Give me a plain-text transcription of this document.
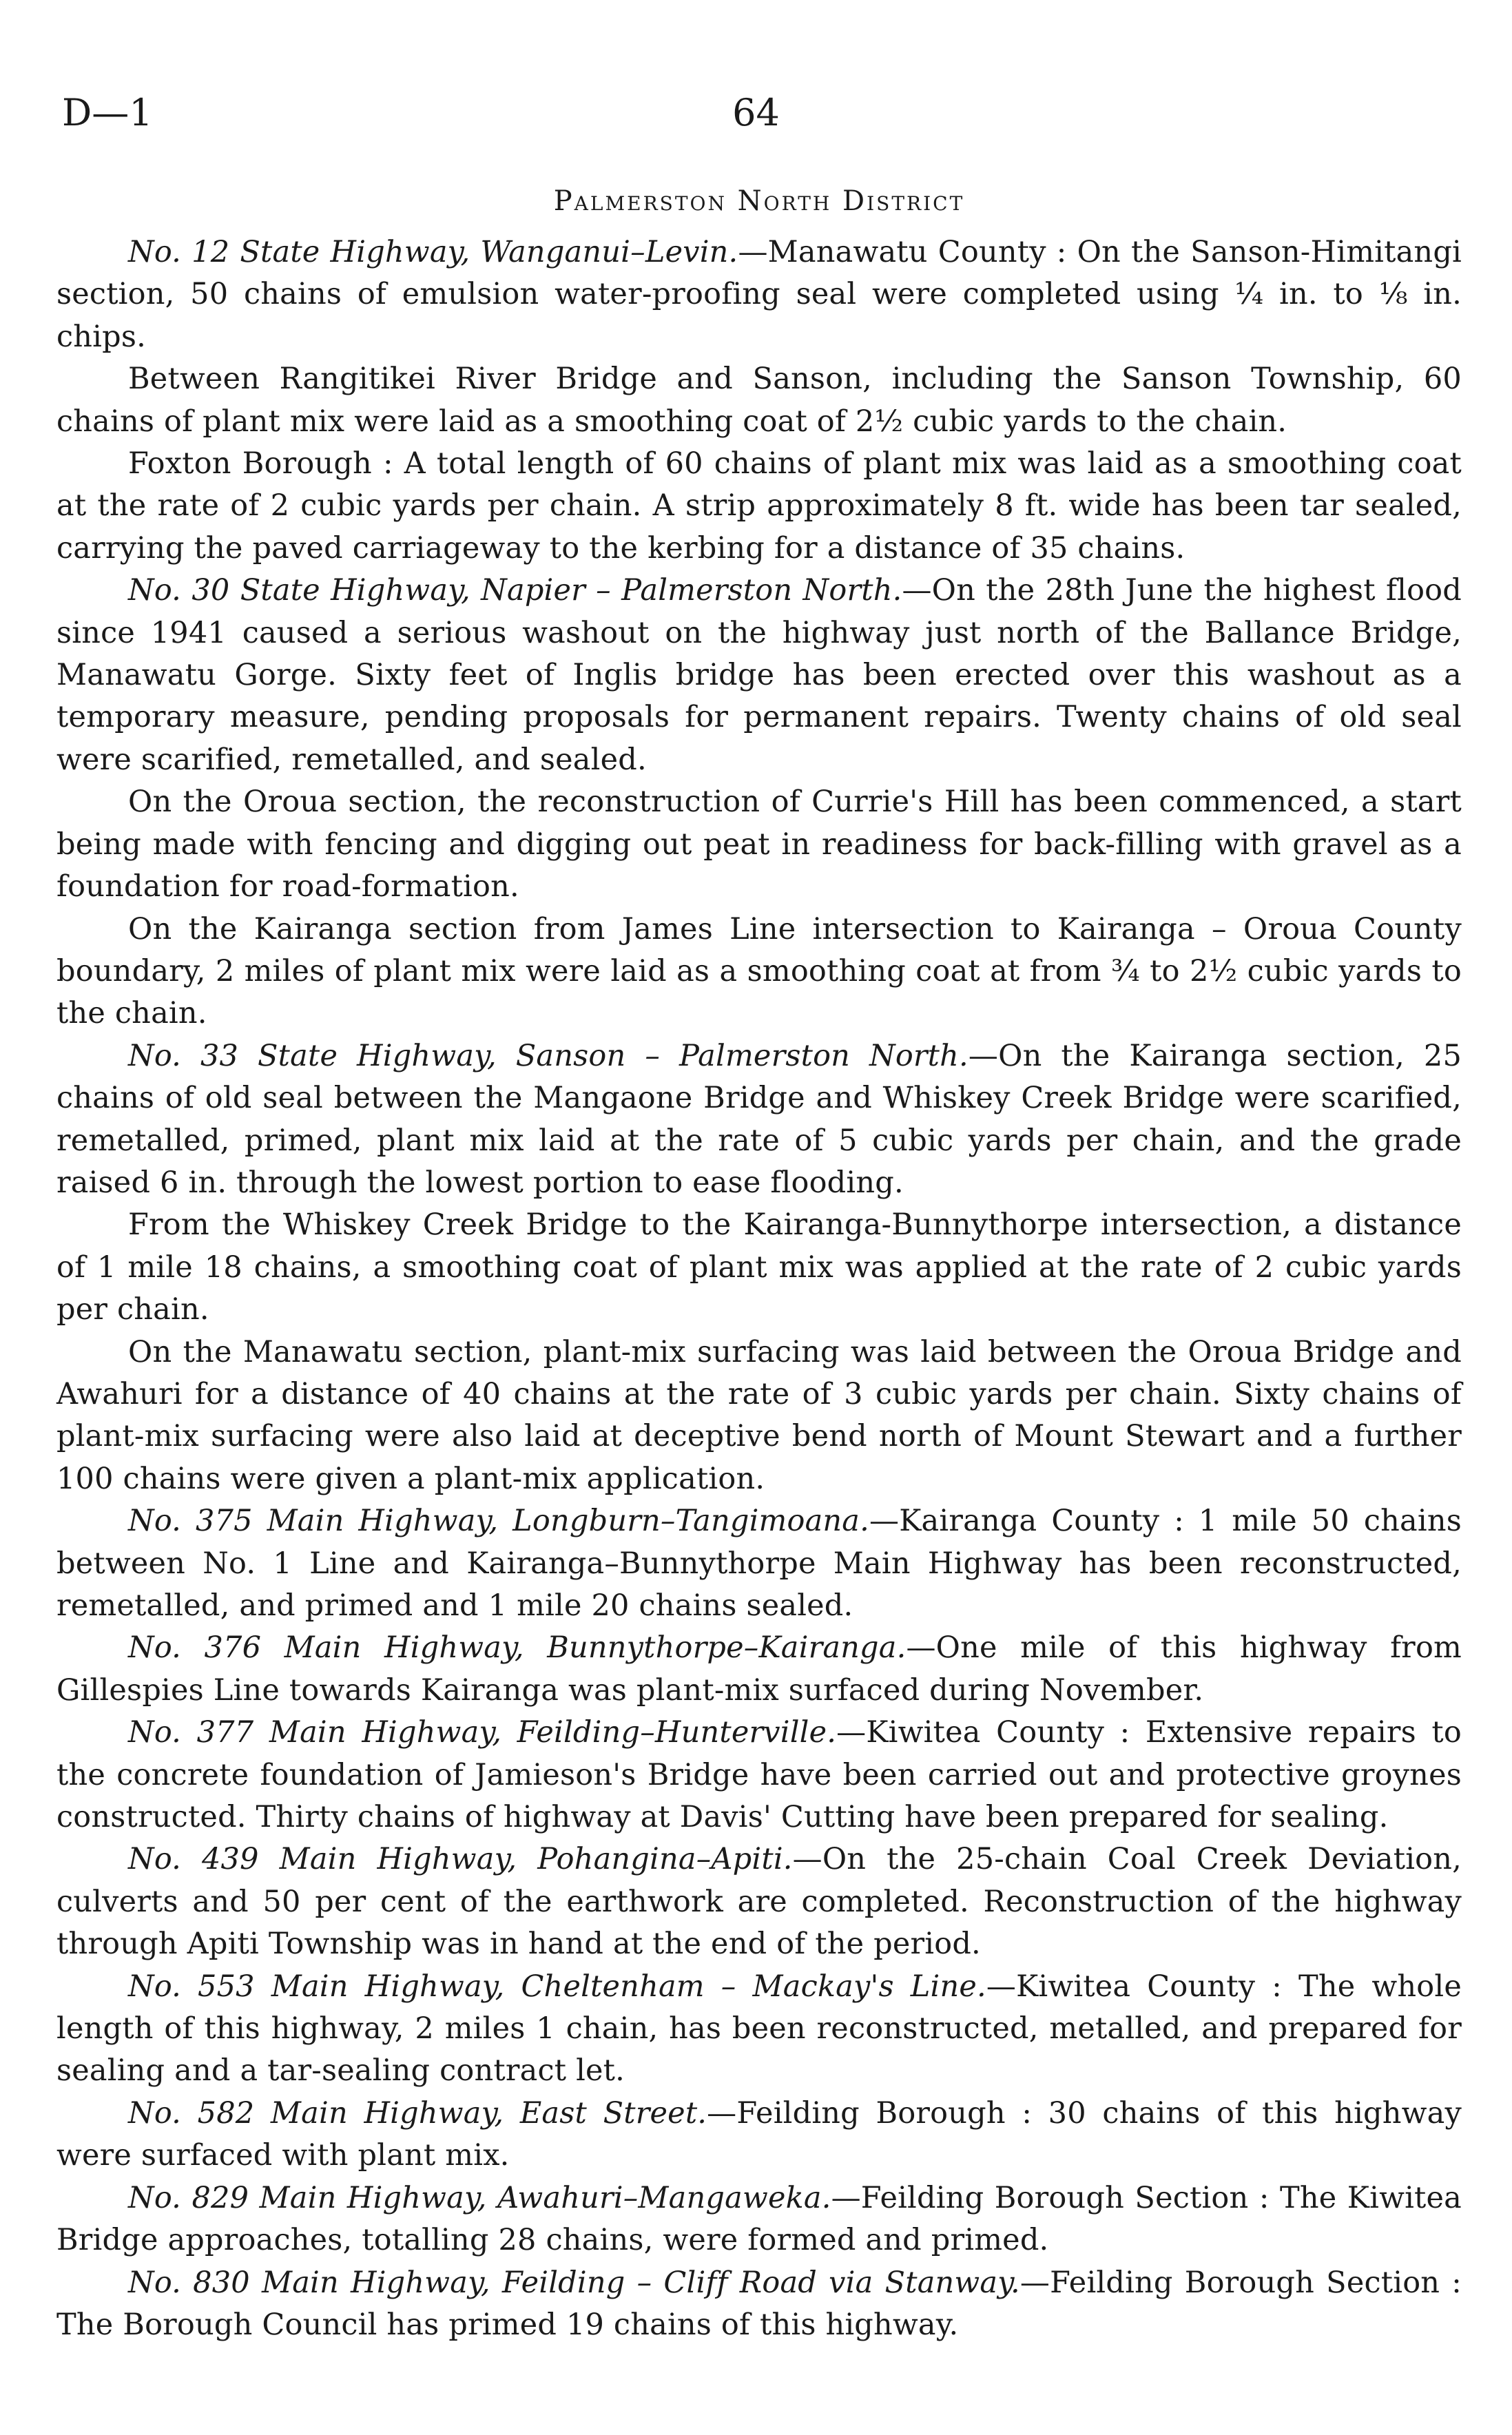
D—1	64
Palmerston North District

No. 12 State Highway, Wanganui–Levin.—Manawatu County : On the Sanson-Himitangi section, 50 chains of emulsion water-proofing seal were completed using ¼ in. to ⅛ in. chips.

Between Rangitikei River Bridge and Sanson, including the Sanson Township, 60 chains of plant mix were laid as a smoothing coat of 2½ cubic yards to the chain.

Foxton Borough : A total length of 60 chains of plant mix was laid as a smoothing coat at the rate of 2 cubic yards per chain. A strip approximately 8 ft. wide has been tar sealed, carrying the paved carriageway to the kerbing for a distance of 35 chains.

No. 30 State Highway, Napier – Palmerston North.—On the 28th June the highest flood since 1941 caused a serious washout on the highway just north of the Ballance Bridge, Manawatu Gorge. Sixty feet of Inglis bridge has been erected over this washout as a temporary measure, pending proposals for permanent repairs. Twenty chains of old seal were scarified, remetalled, and sealed.

On the Oroua section, the reconstruction of Currie's Hill has been commenced, a start being made with fencing and digging out peat in readiness for back-filling with gravel as a foundation for road-formation.

On the Kairanga section from James Line intersection to Kairanga – Oroua County boundary, 2 miles of plant mix were laid as a smoothing coat at from ¾ to 2½ cubic yards to the chain.

No. 33 State Highway, Sanson – Palmerston North.—On the Kairanga section, 25 chains of old seal between the Mangaone Bridge and Whiskey Creek Bridge were scarified, remetalled, primed, plant mix laid at the rate of 5 cubic yards per chain, and the grade raised 6 in. through the lowest portion to ease flooding.

From the Whiskey Creek Bridge to the Kairanga-Bunnythorpe intersection, a distance of 1 mile 18 chains, a smoothing coat of plant mix was applied at the rate of 2 cubic yards per chain.

On the Manawatu section, plant-mix surfacing was laid between the Oroua Bridge and Awahuri for a distance of 40 chains at the rate of 3 cubic yards per chain. Sixty chains of plant-mix surfacing were also laid at deceptive bend north of Mount Stewart and a further 100 chains were given a plant-mix application.

No. 375 Main Highway, Longburn–Tangimoana.—Kairanga County : 1 mile 50 chains between No. 1 Line and Kairanga–Bunnythorpe Main Highway has been reconstructed, remetalled, and primed and 1 mile 20 chains sealed.

No. 376 Main Highway, Bunnythorpe–Kairanga.—One mile of this highway from Gillespies Line towards Kairanga was plant-mix surfaced during November.

No. 377 Main Highway, Feilding–Hunterville.—Kiwitea County : Extensive repairs to the concrete foundation of Jamieson's Bridge have been carried out and protective groynes constructed. Thirty chains of highway at Davis' Cutting have been prepared for sealing.

No. 439 Main Highway, Pohangina–Apiti.—On the 25-chain Coal Creek Deviation, culverts and 50 per cent of the earthwork are completed. Reconstruction of the highway through Apiti Township was in hand at the end of the period.

No. 553 Main Highway, Cheltenham – Mackay's Line.—Kiwitea County : The whole length of this highway, 2 miles 1 chain, has been reconstructed, metalled, and prepared for sealing and a tar-sealing contract let.

No. 582 Main Highway, East Street.—Feilding Borough : 30 chains of this highway were surfaced with plant mix.

No. 829 Main Highway, Awahuri–Mangaweka.—Feilding Borough Section : The Kiwitea Bridge approaches, totalling 28 chains, were formed and primed.

No. 830 Main Highway, Feilding – Cliff Road via Stanway.—Feilding Borough Section : The Borough Council has primed 19 chains of this highway.
